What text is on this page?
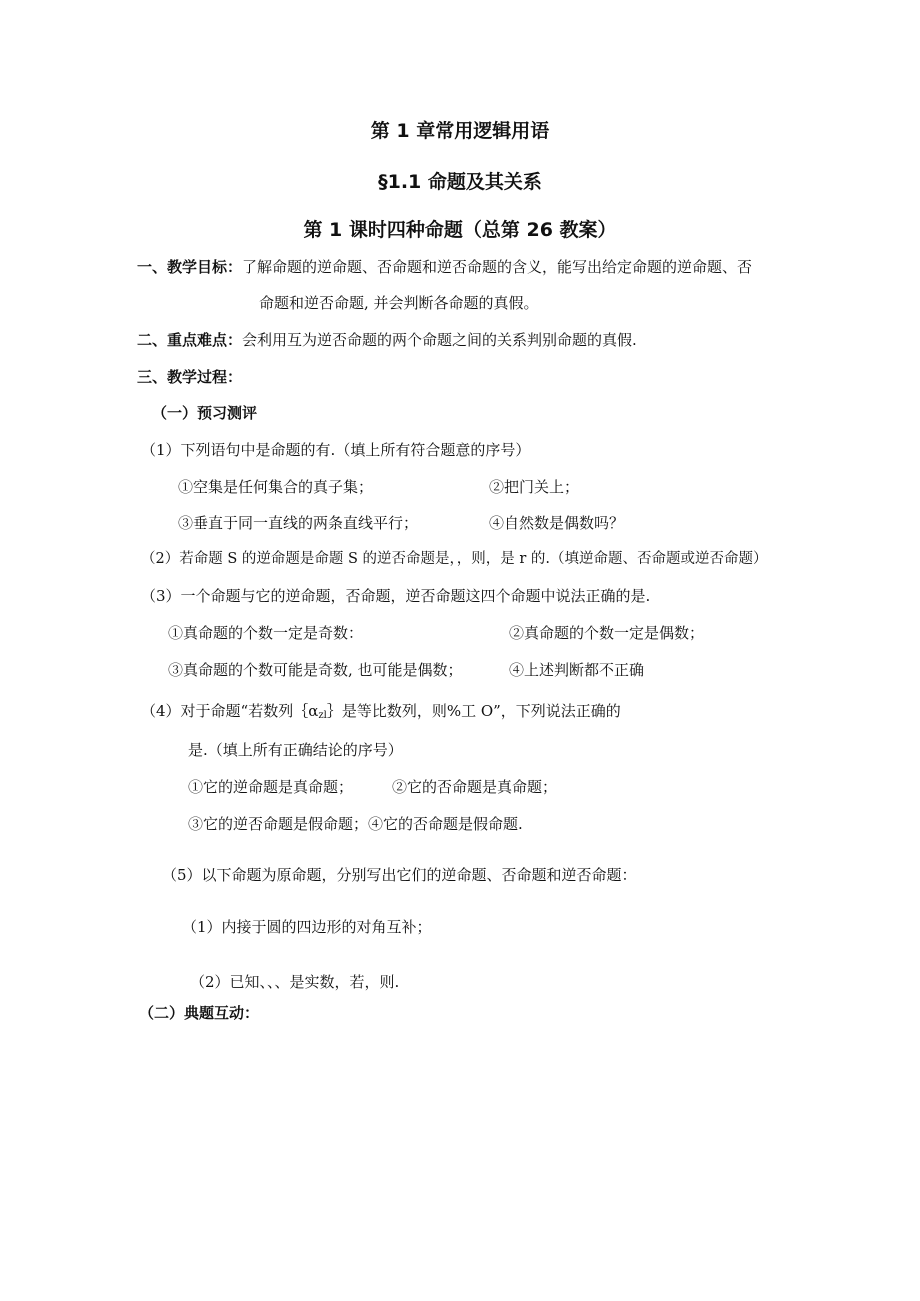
第 1 章常用逻辑用语
§1.1 命题及其关系
第 1 课时四种命题（总第 26 教案）
一、教学目标：了解命题的逆命题、否命题和逆否命题的含义，能写出给定命题的逆命题、否
命题和逆否命题, 并会判断各命题的真假。
二、重点难点：会利用互为逆否命题的两个命题之间的关系判别命题的真假.
三、教学过程：
（一）预习测评
（1）下列语句中是命题的有.（填上所有符合题意的序号）
①空集是任何集合的真子集；	②把门关上；
③垂直于同一直线的两条直线平行；	④自然数是偶数吗？
（2）若命题 S 的逆命题是命题 S 的逆否命题是，，则，是 r 的.（填逆命题、否命题或逆否命题）
（3）一个命题与它的逆命题，否命题，逆否命题这四个命题中说法正确的是.
①真命题的个数一定是奇数：	②真命题的个数一定是偶数；
③真命题的个数可能是奇数, 也可能是偶数；	④上述判断都不正确
（4）对于命题“若数列$\{\alpha_{zl}\}$是等比数列，则%工 O”，下列说法正确的
是.（填上所有正确结论的序号）
①它的逆命题是真命题；	②它的否命题是真命题；
③它的逆否命题是假命题；④它的否命题是假命题.
（5）以下命题为原命题，分别写出它们的逆命题、否命题和逆否命题：
（1）内接于圆的四边形的对角互补；
（2）已知、、、是实数，若，则.
（二）典题互动：
